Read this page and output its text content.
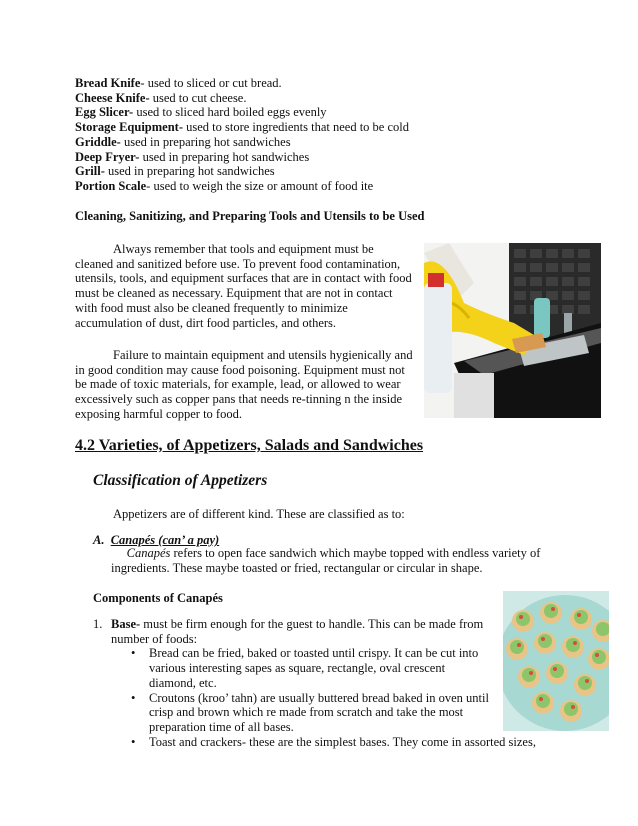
Bread Knife- used to sliced or cut bread.
Cheese Knife- used to cut cheese.
Egg Slicer- used to sliced hard boiled eggs evenly
Storage Equipment- used to store ingredients that need to be cold
Griddle- used in preparing hot sandwiches
Deep Fryer- used in preparing hot sandwiches
Grill- used in preparing hot sandwiches
Portion Scale- used to weigh the size or amount of food ite
Cleaning, Sanitizing, and Preparing Tools and Utensils to be Used
Always remember that tools and equipment must be
cleaned and sanitized before use. To prevent food contamination,
utensils, tools, and equipment surfaces that are in contact with food
must be cleaned as necessary. Equipment that are not in contact
with food must also be cleaned frequently to minimize
accumulation of dust, dirt food particles, and others.
Failure to maintain equipment and utensils hygienically and
in good condition may cause food poisoning. Equipment must not
be made of toxic materials, for example, lead, or allowed to wear
excessively such as copper pans that needs re-tinning n the inside
exposing harmful copper to food.
4.2 Varieties, of Appetizers, Salads and Sandwiches
Classification of Appetizers
Appetizers are of different kind. These are classified as to:
A. Canapés (can’ a pay)
Canapés refers to open face sandwich which maybe topped with endless variety of
ingredients. These maybe toasted or fried, rectangular or circular in shape.
Components of Canapés
1. Base- must be firm enough for the guest to handle. This can be made from
number of foods:
• Bread can be fried, baked or toasted until crispy. It can be cut into
various interesting sapes as square, rectangle, oval crescent
diamond, etc.
• Croutons (kroo’ tahn) are usually buttered bread baked in oven until
crisp and brown which re made from scratch and take the most
preparation time of all bases.
• Toast and crackers- these are the simplest bases. They come in assorted sizes,
